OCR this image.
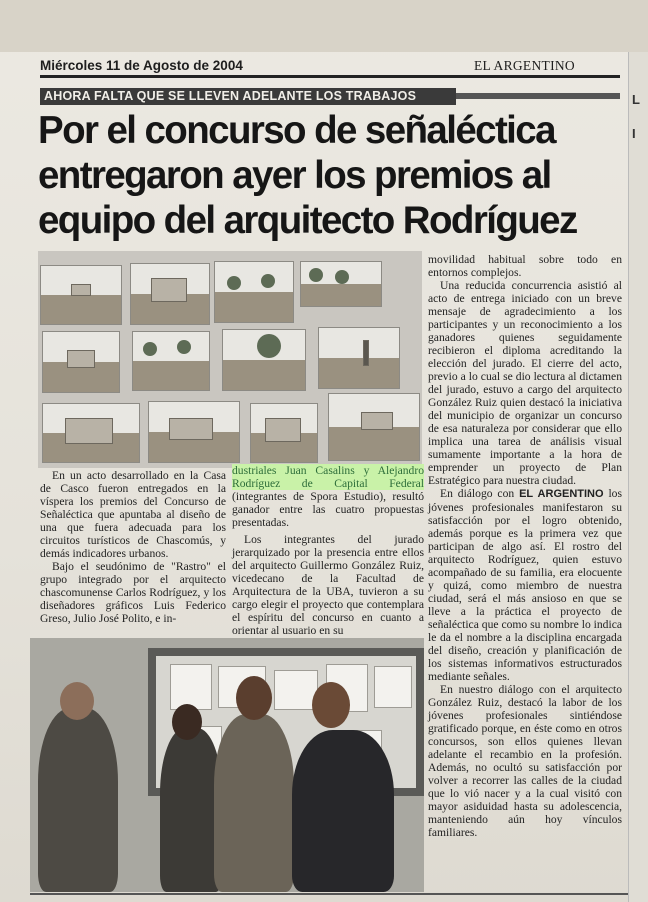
L
I
Miércoles 11 de Agosto de 2004	EL ARGENTINO
AHORA FALTA QUE SE LLEVEN ADELANTE LOS TRABAJOS
Por el concurso de señaléctica entregaron ayer los premios al equipo del arquitecto Rodríguez

En un acto desarrollado en la Casa de Casco fueron entregados en la víspera los premios del Concurso de Señaléctica que apuntaba al diseño de una que fuera adecuada para los circuitos turísticos de Chascomús, y demás indicadores urbanos.

Bajo el seudónimo de "Rastro" el grupo integrado por el arquitecto chascomunense Carlos Rodríguez, y los diseñadores gráficos Luis Federico Greso, Julio José Polito, e in-

dustriales Juan Casalins y Alejandro Rodríguez de Capital Federal (integrantes de Spora Estudio), resultó ganador entre las cuatro propuestas presentadas.

Los integrantes del jurado jerarquizado por la presencia entre ellos del arquitecto Guillermo González Ruiz, vicedecano de la Facultad de Arquitectura de la UBA, tuvieron a su cargo elegir el proyecto que contemplara el espíritu del concurso en cuanto a orientar al usuario en su

movilidad habitual sobre todo en entornos complejos.

Una reducida concurrencia asistió al acto de entrega iniciado con un breve mensaje de agradecimiento a los participantes y un reconocimiento a los ganadores quienes seguidamente recibieron el diploma acreditando la elección del jurado. El cierre del acto, previo a lo cual se dio lectura al dictamen del jurado, estuvo a cargo del arquitecto González Ruiz quien destacó la iniciativa del municipio de organizar un concurso de esa naturaleza por considerar que ello implica una tarea de análisis visual sumamente importante a la hora de emprender un proyecto de Plan Estratégico para nuestra ciudad.

En diálogo con EL ARGENTINO los jóvenes profesionales manifestaron su satisfacción por el logro obtenido, además porque es la primera vez que participan de algo así. El rostro del arquitecto Rodríguez, quien estuvo acompañado de su familia, era elocuente y quizá, como miembro de nuestra ciudad, será el más ansioso en que se lleve a la práctica el proyecto de señaléctica que como su nombre lo indica le da el nombre a la disciplina encargada del diseño, creación y planificación de los sistemas informativos estructurados mediante señales.

En nuestro diálogo con el arquitecto González Ruiz, destacó la labor de los jóvenes profesionales sintiéndose gratificado porque, en éste como en otros concursos, son ellos quienes llevan adelante el recambio en la profesión. Además, no ocultó su satisfacción por volver a recorrer las calles de la ciudad que lo vió nacer y a la cual visitó con mayor asiduidad hasta su adolescencia, manteniendo aún hoy vínculos familiares.
